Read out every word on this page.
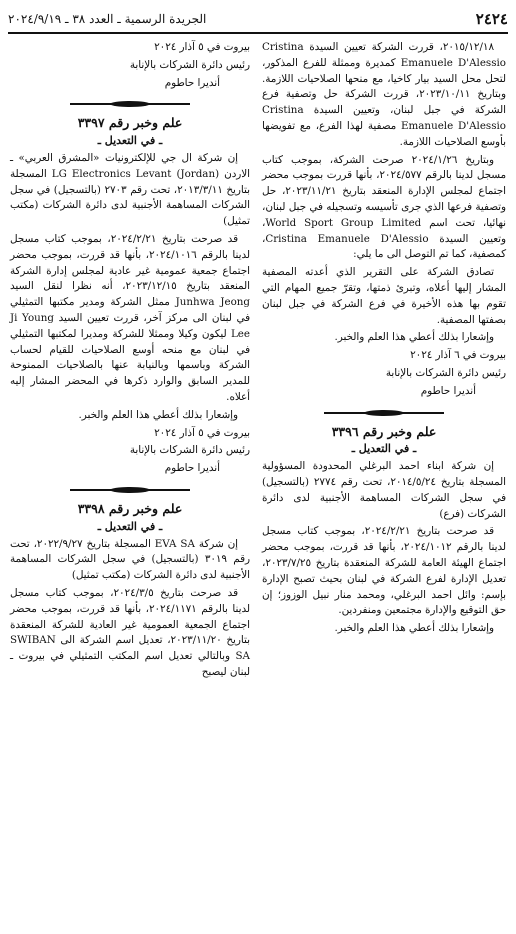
٢٤٢٤
الجريدة الرسمية ـ العدد ٣٨ ـ ٢٠٢٤/٩/١٩

٢٠١٥/١٢/١٨، قررت الشركة تعيين السيدة Cristina Emanuele D'Alessio كمديرة وممثلة للفرع المذكور، لتحل محل السيد بيار كاخيا، مع منحها الصلاحيات اللازمة. وبتاريخ ٢٠٢٣/١٠/١١، قررت الشركة حل وتصفية فرع الشركة في جبل لبنان، وتعيين السيدة Cristina Emanuele D'Alessio مصفية لهذا الفرع، مع تفويضها بأوسع الصلاحيات اللازمة.

وبتاريخ ٢٠٢٤/١/٢٦ صرحت الشركة، بموجب كتاب مسجل لدينا بالرقم ٢٠٢٤/٥٧٧، بأنها قررت بموجب محضر اجتماع لمجلس الإدارة المنعقد بتاريخ ٢٠٢٣/١١/٢١، حل وتصفية فرعها الذي جرى تأسيسه وتسجيله في جبل لبنان، نهائيا، تحت اسم World Sport Group Limited، وتعيين السيدة Cristina Emanuele D'Alessio، كمصفية، كما تم التوصل الى ما يلي:

تصادق الشركة على التقرير الذي أعدته المصفية المشار إليها أعلاه، وتبرئ ذمتها، وتقرّ جميع المهام التي تقوم بها هذه الأخيرة في فرع الشركة في جبل لبنان بصفتها المصفية.

وإشعارا بذلك أعطي هذا العلم والخبر.

بيروت في ٦ آذار ٢٠٢٤

رئيس دائرة الشركات بالإنابة

أنديرا حاطوم

علم وخبر رقم ٣٣٩٦

ـ في التعديل ـ

إن شركة ابناء احمد البرغلي المحدودة المسؤولية المسجلة بتاريخ ٢٠١٤/٥/٢٤، تحت رقم ٢٧٧٤ (بالتسجيل) في سجل الشركات المساهمة الأجنبية لدى دائرة الشركات (فرع)

قد صرحت بتاريخ ٢٠٢٤/٢/٢١، بموجب كتاب مسجل لدينا بالرقم ٢٠٢٤/١٠١٢، بأنها قد قررت، بموجب محضر اجتماع الهيئة العامة للشركة المنعقدة بتاريخ ٢٠٢٣/٧/٢٥، تعديل الإدارة لفرع الشركة في لبنان بحيث تصبح الإدارة بإسم: وائل احمد البرغلي، ومحمد منار نبيل الوزوز؛ إن حق التوقيع والإدارة مجتمعين ومنفردين.

وإشعارا بذلك أعطي هذا العلم والخبر.

بيروت في ٥ آذار ٢٠٢٤

رئيس دائرة الشركات بالإنابة

أنديرا حاطوم

علم وخبر رقم ٣٣٩٧

ـ في التعديل ـ

إن شركة ال جي للإلكترونيات «المشرق العربي» ـ الاردن LG Electronics Levant (Jordan) المسجلة بتاريخ ٢٠١٣/٣/١١، تحت رقم ٢٧٠٣ (بالتسجيل) في سجل الشركات المساهمة الأجنبية لدى دائرة الشركات (مكتب تمثيل)

قد صرحت بتاريخ ٢٠٢٤/٢/٢١، بموجب كتاب مسجل لدينا بالرقم ٢٠٢٤/١٠١٦، بأنها قد قررت، بموجب محضر اجتماع جمعية عمومية غير عادية لمجلس إدارة الشركة المنعقد بتاريخ ٢٠٢٣/١٢/١٥، أنه نظرا لنقل السيد Junhwa Jeong ممثل الشركة ومدير مكتبها التمثيلي في لبنان الى مركز آخر، قررت تعيين السيد Ji Young Lee ليكون وكيلا وممثلا للشركة ومديرا لمكتبها التمثيلي في لبنان مع منحه أوسع الصلاحيات للقيام لحساب الشركة وباسمها وبالنيابة عنها بالصلاحيات الممنوحة للمدير السابق والوارد ذكرها في المحضر المشار إليه أعلاه.

وإشعارا بذلك أعطي هذا العلم والخبر.

بيروت في ٥ آذار ٢٠٢٤

رئيس دائرة الشركات بالإنابة

أنديرا حاطوم

علم وخبر رقم ٣٣٩٨

ـ في التعديل ـ

إن شركة EVA SA المسجلة بتاريخ ٢٠٢٢/٩/٢٧، تحت رقم ٣٠١٩ (بالتسجيل) في سجل الشركات المساهمة الأجنبية لدى دائرة الشركات (مكتب تمثيل)

قد صرحت بتاريخ ٢٠٢٤/٣/٥، بموجب كتاب مسجل لدينا بالرقم ٢٠٢٤/١١٧١، بأنها قد قررت، بموجب محضر اجتماع الجمعية العمومية غير العادية للشركة المنعقدة بتاريخ ٢٠٢٣/١١/٢٠، تعديل اسم الشركة الى SWIBAN SA وبالتالي تعديل اسم المكتب التمثيلي في بيروت ـ لبنان ليصبح
